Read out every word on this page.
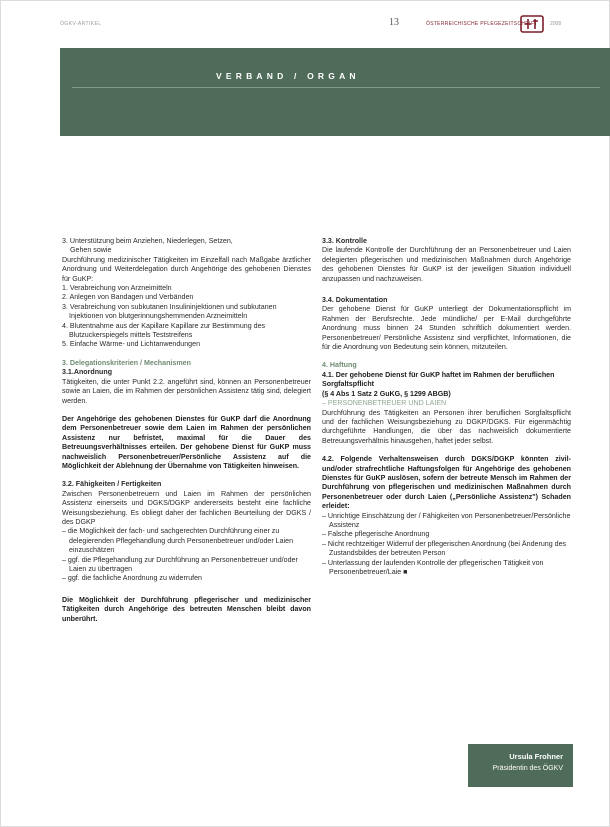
ÖGKV-ARTIKEL	13	ÖSTERREICHISCHE PFLEGEZEITSCHRIFT 2008
VERBAND / ORGAN

3. Unterstützung beim Anziehen, Niederlegen, Setzen,

Gehen sowie

Durchführung medizinischer Tätigkeiten im Einzelfall nach Maßgabe ärztlicher Anordnung und Weiterdelegation durch Angehörige des gehobenen Dienstes für GuKP:

1. Verabreichung von Arzneimitteln

2. Anlegen von Bandagen und Verbänden

3. Verabreichung von subkutanen Insulininjektionen und subkutanen Injektionen von blutgerinnungshemmenden Arzneimitteln

4. Blutentnahme aus der Kapillare Kapillare zur Bestimmung des Blutzuckerspiegels mittels Teststreifens

5. Einfache Wärme- und Lichtanwendungen

3. Delegationskriterien / Mechanismen

3.1.Anordnung

Tätigkeiten, die unter Punkt 2.2. angeführt sind, können an Personenbetreuer sowie an Laien, die im Rahmen der persönlichen Assistenz tätig sind, delegiert werden.

Der Angehörige des gehobenen Dienstes für GuKP darf die Anordnung dem Personenbetreuer sowie dem Laien im Rahmen der persönlichen Assistenz nur befristet, maximal für die Dauer des Betreuungsverhältnisses erteilen. Der gehobene Dienst für GuKP muss nachweislich Personenbetreuer/Persönliche Assistenz auf die Möglichkeit der Ablehnung der Übernahme von Tätigkeiten hinweisen.

3.2. Fähigkeiten / Fertigkeiten

Zwischen Personenbetreuern und Laien im Rahmen der persönlichen Assistenz einerseits und DGKS/DGKP andererseits besteht eine fachliche Weisungsbeziehung. Es obliegt daher der fachlichen Beurteilung der DGKS / des DGKP

– die Möglichkeit der fach- und sachgerechten Durchführung einer zu delegierenden Pflegehandlung durch Personenbetreuer und/oder Laien einzuschätzen

– ggf. die Pflegehandlung zur Durchführung an Personenbetreuer und/oder Laien zu übertragen

– ggf. die fachliche Anordnung zu widerrufen

Die Möglichkeit der Durchführung pflegerischer und medizinischer Tätigkeiten durch Angehörige des betreuten Menschen bleibt davon unberührt.

3.3. Kontrolle

Die laufende Kontrolle der Durchführung der an Personenbetreuer und Laien delegierten pflegerischen und medizinischen Maßnahmen durch Angehörige des gehobenen Dienstes für GuKP ist der jeweiligen Situation individuell anzupassen und nachzuweisen.

3.4. Dokumentation

Der gehobene Dienst für GuKP unterliegt der Dokumentationspflicht im Rahmen der Berufsrechte. Jede mündliche/ per E-Mail durchgeführte Anordnung muss binnen 24 Stunden schriftlich dokumentiert werden. Personenbetreuer/ Persönliche Assistenz sind verpflichtet, Informationen, die für die Anordnung von Bedeutung sein können, mitzuteilen.

4. Haftung

4.1. Der gehobene Dienst für GuKP haftet im Rahmen der beruflichen Sorgfaltspflicht

(§ 4 Abs 1 Satz 2 GuKG, § 1299 ABGB)

– PERSONENBETREUER UND LAIEN

Durchführung des Tätigkeiten an Personen ihrer beruflichen Sorgfaltspflicht und der fachlichen Weisungsbeziehung zu DGKP/DGKS. Für eigenmächtig durchgeführte Handlungen, die über das nachweislich dokumentierte Betreuungsverhältnis hinausgehen, haftet jeder selbst.

4.2. Folgende Verhaltensweisen durch DGKS/DGKP könnten zivil- und/oder strafrechtliche Haftungsfolgen für Angehörige des gehobenen Dienstes für GuKP auslösen, sofern der betreute Mensch im Rahmen der Durchführung von pflegerischen und medizinischen Maßnahmen durch Personenbetreuer oder durch Laien („Persönliche Assistenz") Schaden erleidet:

– Unrichtige Einschätzung der / Fähigkeiten von Personenbetreuer/Persönliche Assistenz

– Falsche pflegerische Anordnung

– Nicht rechtzeitiger Widerruf der pflegerischen Anordnung (bei Änderung des Zustandsbildes der betreuten Person

– Unterlassung der laufenden Kontrolle der pflegerischen Tätigkeit von Personenbetreuer/Laie ■

Ursula Frohner
Präsidentin des ÖGKV
